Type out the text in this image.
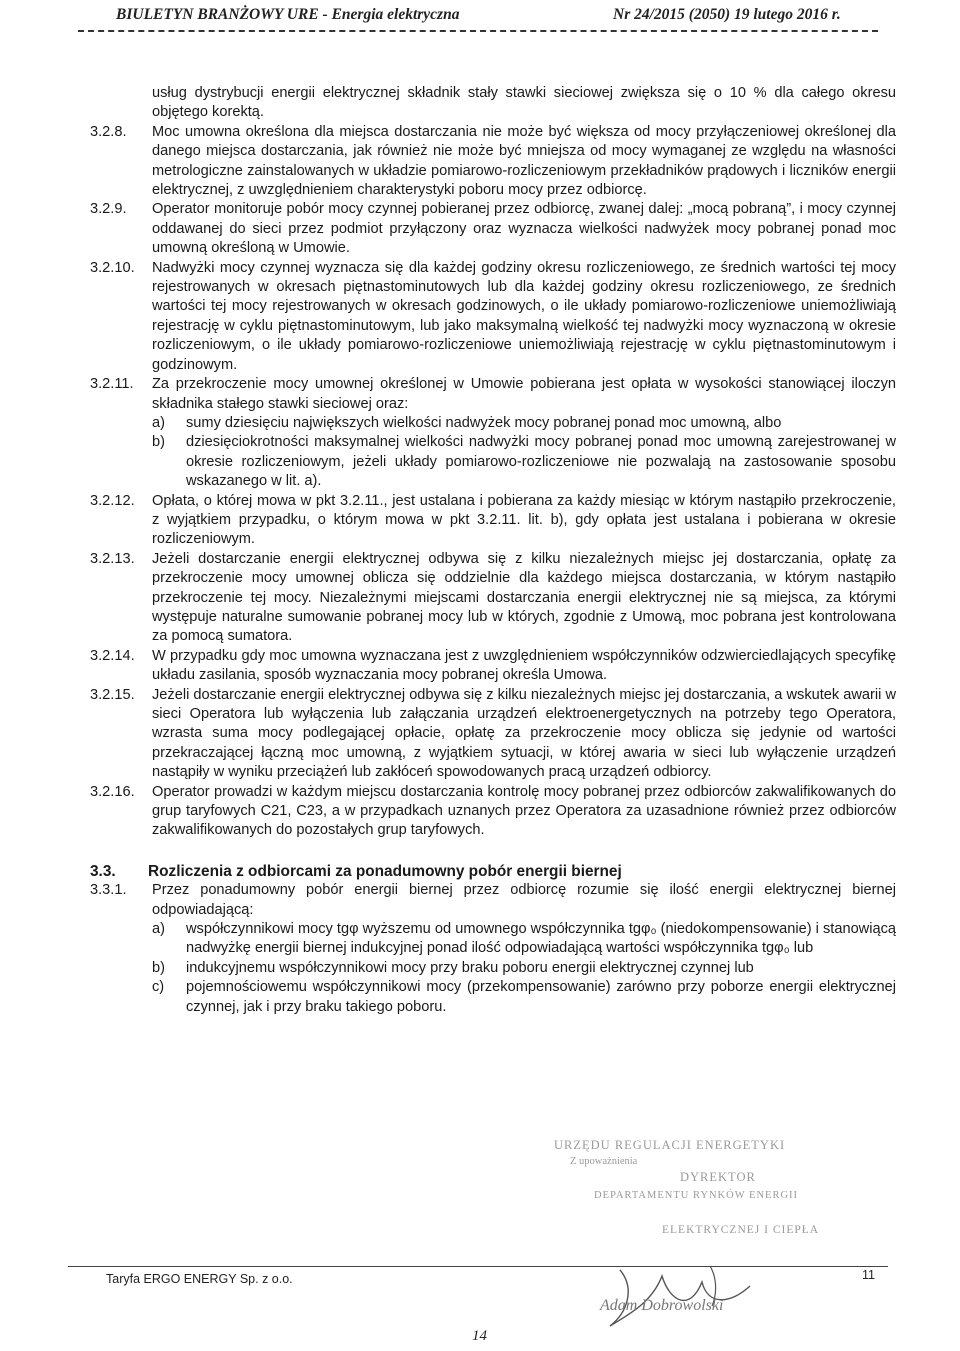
BIULETYN BRANŻOWY URE - Energia elektryczna	Nr 24/2015 (2050) 19 lutego 2016 r.

usług dystrybucji energii elektrycznej składnik stały stawki sieciowej zwiększa się o 10 % dla całego okresu objętego korektą.

3.2.8. Moc umowna określona dla miejsca dostarczania nie może być większa od mocy przyłączeniowej określonej dla danego miejsca dostarczania, jak również nie może być mniejsza od mocy wymaganej ze względu na własności metrologiczne zainstalowanych w układzie pomiarowo-rozliczeniowym przekładników prądowych i liczników energii elektrycznej, z uwzględnieniem charakterystyki poboru mocy przez odbiorcę.

3.2.9. Operator monitoruje pobór mocy czynnej pobieranej przez odbiorcę, zwanej dalej: „mocą pobraną”, i mocy czynnej oddawanej do sieci przez podmiot przyłączony oraz wyznacza wielkości nadwyżek mocy pobranej ponad moc umowną określoną w Umowie.

3.2.10. Nadwyżki mocy czynnej wyznacza się dla każdej godziny okresu rozliczeniowego, ze średnich wartości tej mocy rejestrowanych w okresach piętnastominutowych lub dla każdej godziny okresu rozliczeniowego, ze średnich wartości tej mocy rejestrowanych w okresach godzinowych, o ile układy pomiarowo-rozliczeniowe uniemożliwiają rejestrację w cyklu piętnastominutowym, lub jako maksymalną wielkość tej nadwyżki mocy wyznaczoną w okresie rozliczeniowym, o ile układy pomiarowo-rozliczeniowe uniemożliwiają rejestrację w cyklu piętnastominutowym i godzinowym.

3.2.11. Za przekroczenie mocy umownej określonej w Umowie pobierana jest opłata w wysokości stanowiącej iloczyn składnika stałego stawki sieciowej oraz:
a) sumy dziesięciu największych wielkości nadwyżek mocy pobranej ponad moc umowną, albo
b) dziesięciokrotności maksymalnej wielkości nadwyżki mocy pobranej ponad moc umowną zarejestrowanej w okresie rozliczeniowym, jeżeli układy pomiarowo-rozliczeniowe nie pozwalają na zastosowanie sposobu wskazanego w lit. a).

3.2.12. Opłata, o której mowa w pkt 3.2.11., jest ustalana i pobierana za każdy miesiąc w którym nastąpiło przekroczenie, z wyjątkiem przypadku, o którym mowa w pkt 3.2.11. lit. b), gdy opłata jest ustalana i pobierana w okresie rozliczeniowym.

3.2.13. Jeżeli dostarczanie energii elektrycznej odbywa się z kilku niezależnych miejsc jej dostarczania, opłatę za przekroczenie mocy umownej oblicza się oddzielnie dla każdego miejsca dostarczania, w którym nastąpiło przekroczenie tej mocy. Niezależnymi miejscami dostarczania energii elektrycznej nie są miejsca, za którymi występuje naturalne sumowanie pobranej mocy lub w których, zgodnie z Umową, moc pobrana jest kontrolowana za pomocą sumatora.

3.2.14. W przypadku gdy moc umowna wyznaczana jest z uwzględnieniem współczynników odzwierciedlających specyfikę układu zasilania, sposób wyznaczania mocy pobranej określa Umowa.

3.2.15. Jeżeli dostarczanie energii elektrycznej odbywa się z kilku niezależnych miejsc jej dostarczania, a wskutek awarii w sieci Operatora lub wyłączenia lub załączania urządzeń elektroenergetycznych na potrzeby tego Operatora, wzrasta suma mocy podlegającej opłacie, opłatę za przekroczenie mocy oblicza się jedynie od wartości przekraczającej łączną moc umowną, z wyjątkiem sytuacji, w której awaria w sieci lub wyłączenie urządzeń nastąpiły w wyniku przeciążeń lub zakłóceń spowodowanych pracą urządzeń odbiorcy.

3.2.16. Operator prowadzi w każdym miejscu dostarczania kontrolę mocy pobranej przez odbiorców zakwalifikowanych do grup taryfowych C21, C23, a w przypadkach uznanych przez Operatora za uzasadnione również przez odbiorców zakwalifikowanych do pozostałych grup taryfowych.

3.3. Rozliczenia z odbiorcami za ponadumowny pobór energii biernej
3.3.1. Przez ponadumowny pobór energii biernej przez odbiorcę rozumie się ilość energii elektrycznej biernej odpowiadającą:
a) współczynnikowi mocy tgφ wyższemu od umownego współczynnika tgφ₀ (niedokompensowanie) i stanowiącą nadwyżkę energii biernej indukcyjnej ponad ilość odpowiadającą wartości współczynnika tgφ₀ lub
b) indukcyjnemu współczynnikowi mocy przy braku poboru energii elektrycznej czynnej lub
c) pojemnościowemu współczynnikowi mocy (przekompensowanie) zarówno przy poborze energii elektrycznej czynnej, jak i przy braku takiego poboru.
URZĘDU REGULACJI ENERGETYKI
Z upoważnienia
DYREKTOR
DEPARTAMENTU RYNKÓW ENERGII
ELEKTRYCZNEJ I CIEPŁA
Adam Dobrowolski
Taryfa ERGO ENERGY Sp. z o.o.	11
14
